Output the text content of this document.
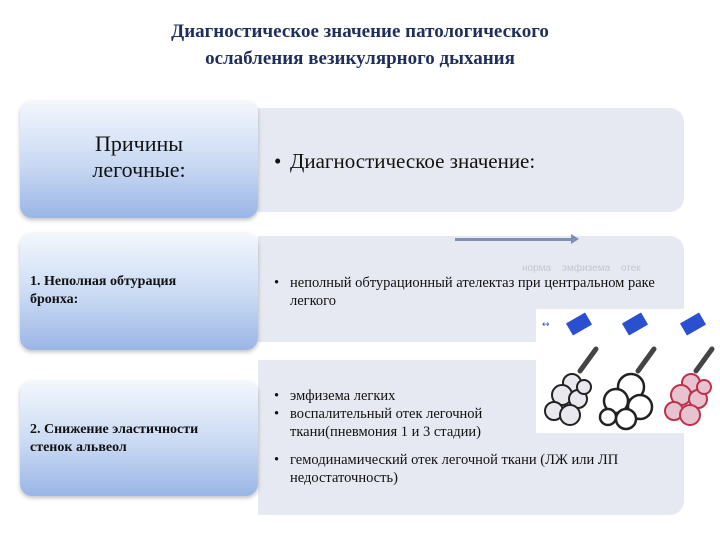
Диагностическое значение патологического
ослабления везикулярного дыхания
• Диагностическое значение:
Причины
легочные:
• неполный обтурационный ателектаз при центральном раке легкого
1. Неполная обтурация
бронха:
• эмфизема легких
• воспалительный отек легочной ткани(пневмония 1 и 3 стадии)
• гемодинамический отек легочной ткани (ЛЖ или ЛП недостаточность)
2. Снижение эластичности
стенок альвеол
норма эмфизема отек
↔
